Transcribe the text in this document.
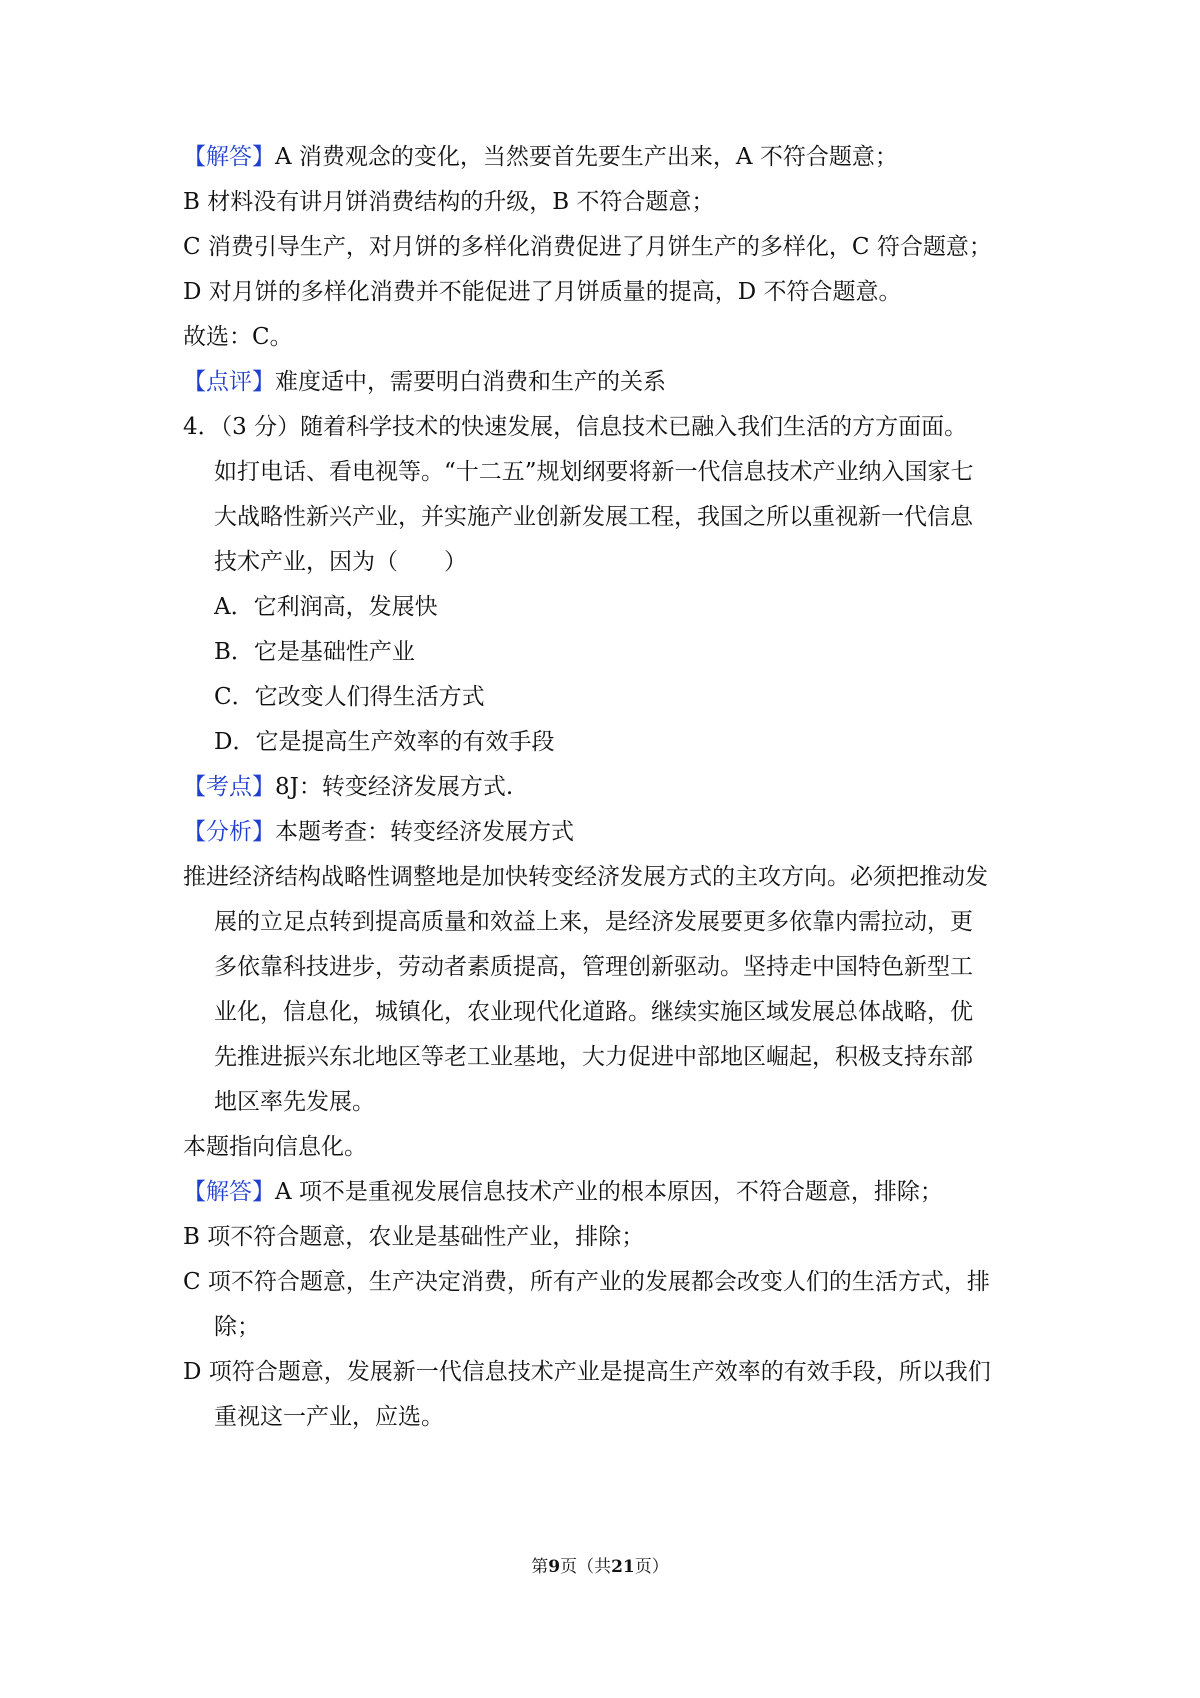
【解答】A 消费观念的变化，当然要首先要生产出来，A 不符合题意；
B 材料没有讲月饼消费结构的升级，B 不符合题意；
C 消费引导生产，对月饼的多样化消费促进了月饼生产的多样化，C 符合题意；
D 对月饼的多样化消费并不能促进了月饼质量的提高，D 不符合题意。
故选：C。
【点评】难度适中，需要明白消费和生产的关系
4．（3 分）随着科学技术的快速发展，信息技术已融入我们生活的方方面面。
如打电话、看电视等。“十二五”规划纲要将新一代信息技术产业纳入国家七
大战略性新兴产业，并实施产业创新发展工程，我国之所以重视新一代信息
技术产业，因为（　　）
A．它利润高，发展快
B．它是基础性产业
C．它改变人们得生活方式
D．它是提高生产效率的有效手段
【考点】8J：转变经济发展方式.
【分析】本题考查：转变经济发展方式
推进经济结构战略性调整地是加快转变经济发展方式的主攻方向。必须把推动发
展的立足点转到提高质量和效益上来，是经济发展要更多依靠内需拉动，更
多依靠科技进步，劳动者素质提高，管理创新驱动。坚持走中国特色新型工
业化，信息化，城镇化，农业现代化道路。继续实施区域发展总体战略，优
先推进振兴东北地区等老工业基地，大力促进中部地区崛起，积极支持东部
地区率先发展。
本题指向信息化。
【解答】A 项不是重视发展信息技术产业的根本原因，不符合题意，排除；
B 项不符合题意，农业是基础性产业，排除；
C 项不符合题意，生产决定消费，所有产业的发展都会改变人们的生活方式，排
除；
D 项符合题意，发展新一代信息技术产业是提高生产效率的有效手段，所以我们
重视这一产业，应选。
第9页（共21页）
